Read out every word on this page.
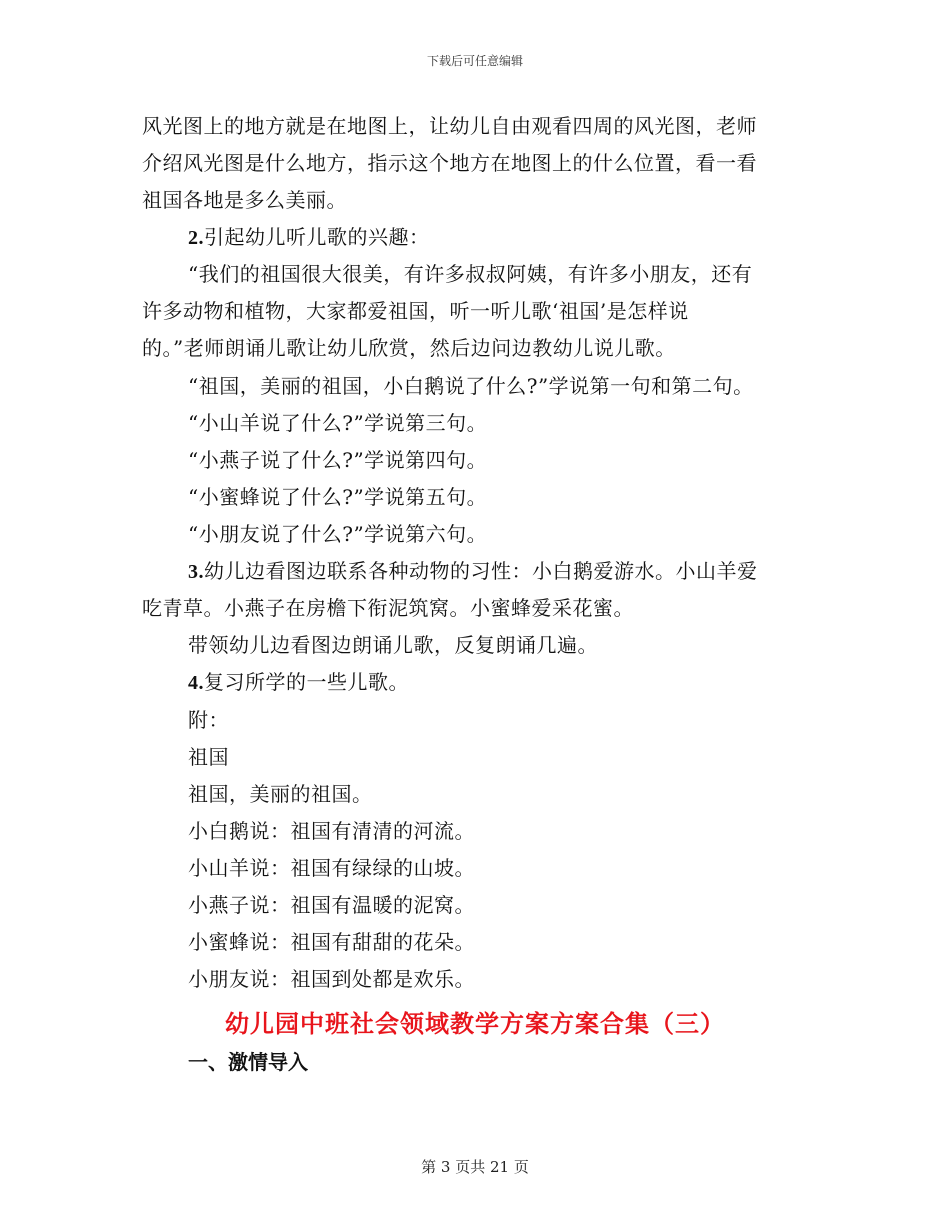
下载后可任意编辑
风光图上的地方就是在地图上，让幼儿自由观看四周的风光图，老师
介绍风光图是什么地方，指示这个地方在地图上的什么位置，看一看
祖国各地是多么美丽。
2.引起幼儿听儿歌的兴趣：
“我们的祖国很大很美，有许多叔叔阿姨，有许多小朋友，还有
许多动物和植物，大家都爱祖国，听一听儿歌‘祖国’是怎样说
的。”老师朗诵儿歌让幼儿欣赏，然后边问边教幼儿说儿歌。
“祖国，美丽的祖国，小白鹅说了什么?”学说第一句和第二句。
“小山羊说了什么?”学说第三句。
“小燕子说了什么?”学说第四句。
“小蜜蜂说了什么?”学说第五句。
“小朋友说了什么?”学说第六句。
3.幼儿边看图边联系各种动物的习性：小白鹅爱游水。小山羊爱
吃青草。小燕子在房檐下衔泥筑窝。小蜜蜂爱采花蜜。
带领幼儿边看图边朗诵儿歌，反复朗诵几遍。
4.复习所学的一些儿歌。
附：
祖国
祖国，美丽的祖国。
小白鹅说：祖国有清清的河流。
小山羊说：祖国有绿绿的山坡。
小燕子说：祖国有温暖的泥窝。
小蜜蜂说：祖国有甜甜的花朵。
小朋友说：祖国到处都是欢乐。
幼儿园中班社会领域教学方案方案合集（三）
一、激情导入
第 3 页共 21 页
